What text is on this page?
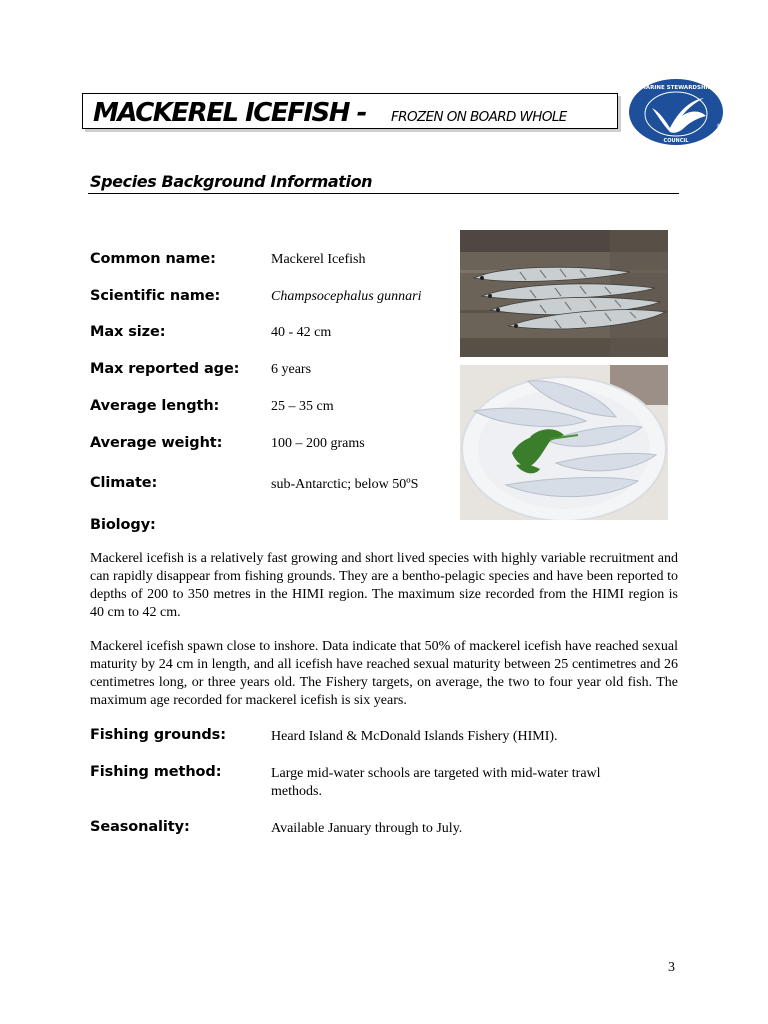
MACKEREL ICEFISH - FROZEN ON BOARD WHOLE
MARINE STEWARDSHIP
COUNCIL
®
Species Background Information
Common name:	Mackerel Icefish
Scientific name:	Champsocephalus gunnari
Max size:	40 - 42 cm
Max reported age: 6 years
Average length:	25 – 35 cm
Average weight:	100 – 200 grams
Climate:	sub-Antarctic; below 50ºS
Biology:

Mackerel icefish is a relatively fast growing and short lived species with highly variable recruitment and can rapidly disappear from fishing grounds. They are a bentho-pelagic species and have been reported to depths of 200 to 350 metres in the HIMI region. The maximum size recorded from the HIMI region is 40 cm to 42 cm.

Mackerel icefish spawn close to inshore. Data indicate that 50% of mackerel icefish have reached sexual maturity by 24 cm in length, and all icefish have reached sexual maturity between 25 centimetres and 26 centimetres long, or three years old. The Fishery targets, on average, the two to four year old fish. The maximum age recorded for mackerel icefish is six years.

Fishing grounds:	Heard Island & McDonald Islands Fishery (HIMI).
Fishing method:	Large mid-water schools are targeted with mid-water trawl methods.
Seasonality:	Available January through to July.
3
